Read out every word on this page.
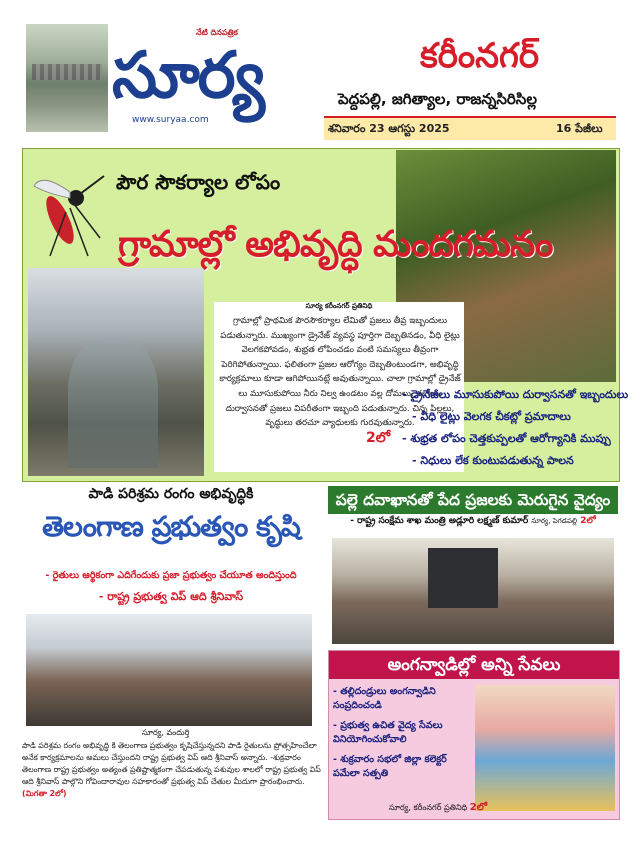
నేటి దినపత్రిక
సూర్య
www.suryaa.com
కరీంనగర్
పెద్దపల్లి, జగిత్యాల, రాజన్నసిరిసిల్ల
శనివారం 23 ఆగస్టు 2025	16 పేజీలు
పౌర సౌకర్యాల లోపం
గ్రామాల్లో అభివృద్ధి మందగమనం
సూర్య కరీంనగర్ ప్రతినిధి
గ్రామాల్లో ప్రాథమిక పౌరసౌకర్యాల లేమితో ప్రజలు తీవ్ర ఇబ్బందులు పడుతున్నారు. ముఖ్యంగా డ్రైనేజ్ వ్యవస్థ పూర్తిగా దెబ్బతినడం, వీధి లైట్లు వెలగకపోవడం, శుభ్రత లోపించడం వంటి సమస్యలు తీవ్రంగా పెరిగిపోతున్నాయి. ఫలితంగా ప్రజల ఆరోగ్యం దెబ్బతింటుండగా, అభివృద్ధి కార్యక్రమాలు కూడా ఆగిపోయినట్లే అవుతున్నాయి. చాలా గ్రామాల్లో డ్రైనేజ్ లు మూసుకుపోయి నీరు నిల్వ ఉండటం వల్ల దోమలు, ఈగలు, దుర్వాసనతో ప్రజలు విపరీతంగా ఇబ్బంది పడుతున్నారు. చిన్న పిల్లలు, వృద్ధులు తరచూ వ్యాధులకు గురవుతున్నారు.
2లో
- డ్రైనేజీలు మూసుకుపోయి దుర్వాసనతో ఇబ్బందులు
- వీధి లైట్లు వెలగక చీకట్లో ప్రమాదాలు
- శుభ్రత లోపం చెత్తకుప్పలతో ఆరోగ్యానికి ముప్పు
- నిధులు లేక కుంటుపడుతున్న పాలన
పాడి పరిశ్రమ రంగం అభివృద్ధికి
తెలంగాణ ప్రభుత్వం కృషి
- రైతులు ఆర్థికంగా ఎదిగేందుకు ప్రజా ప్రభుత్వం చేయూత అందిస్తుంది
- రాష్ట్ర ప్రభుత్వ విప్ ఆది శ్రీనివాస్
సూర్య, వందుర్తి
పాడి పరిశ్రమ రంగం అభివృద్ధి కి తెలంగాణ ప్రభుత్వం కృషిచేస్తున్నదని పాడి రైతులను ప్రోత్సహించేలా అనేక కార్యక్రమాలను అమలు చేస్తుందని రాష్ట్ర ప్రభుత్వ విప్ ఆది శ్రీనివాస్ అన్నారు. -శుక్రవారం తెలంగాణ రాష్ట్ర ప్రభుత్వం అత్యంత ప్రతిష్టాత్మకంగా చేపడుతున్న పశువుల శాలలో రాష్ట్ర ప్రభుత్వ విప్ ఆది శ్రీనివాస్ పాల్గొని గోవిందారావుల సహకారంతో ప్రభుత్వ విప్ చేతుల మీదుగా ప్రారంభించారు. (మిగతా 2లో)
పల్లె దవాఖానతో పేద ప్రజలకు మెరుగైన వైద్యం
- రాష్ట్ర సంక్షేమ శాఖ మంత్రి అడ్లూరి లక్ష్మణ్ కుమార్ సూర్య, పెగడపల్లి 2లో
అంగన్వాడిల్లో అన్ని సేవలు
- తల్లిదండ్రులు అంగన్వాడిని సంప్రదించండి
- ప్రభుత్వ ఉచిత వైద్య సేవలు వినియోగించుకోవాలి
- శుక్రవారం సభలో జిల్లా కలెక్టర్ పమేలా సత్పతి
సూర్య, కరీంనగర్ ప్రతినిధి 2లో
